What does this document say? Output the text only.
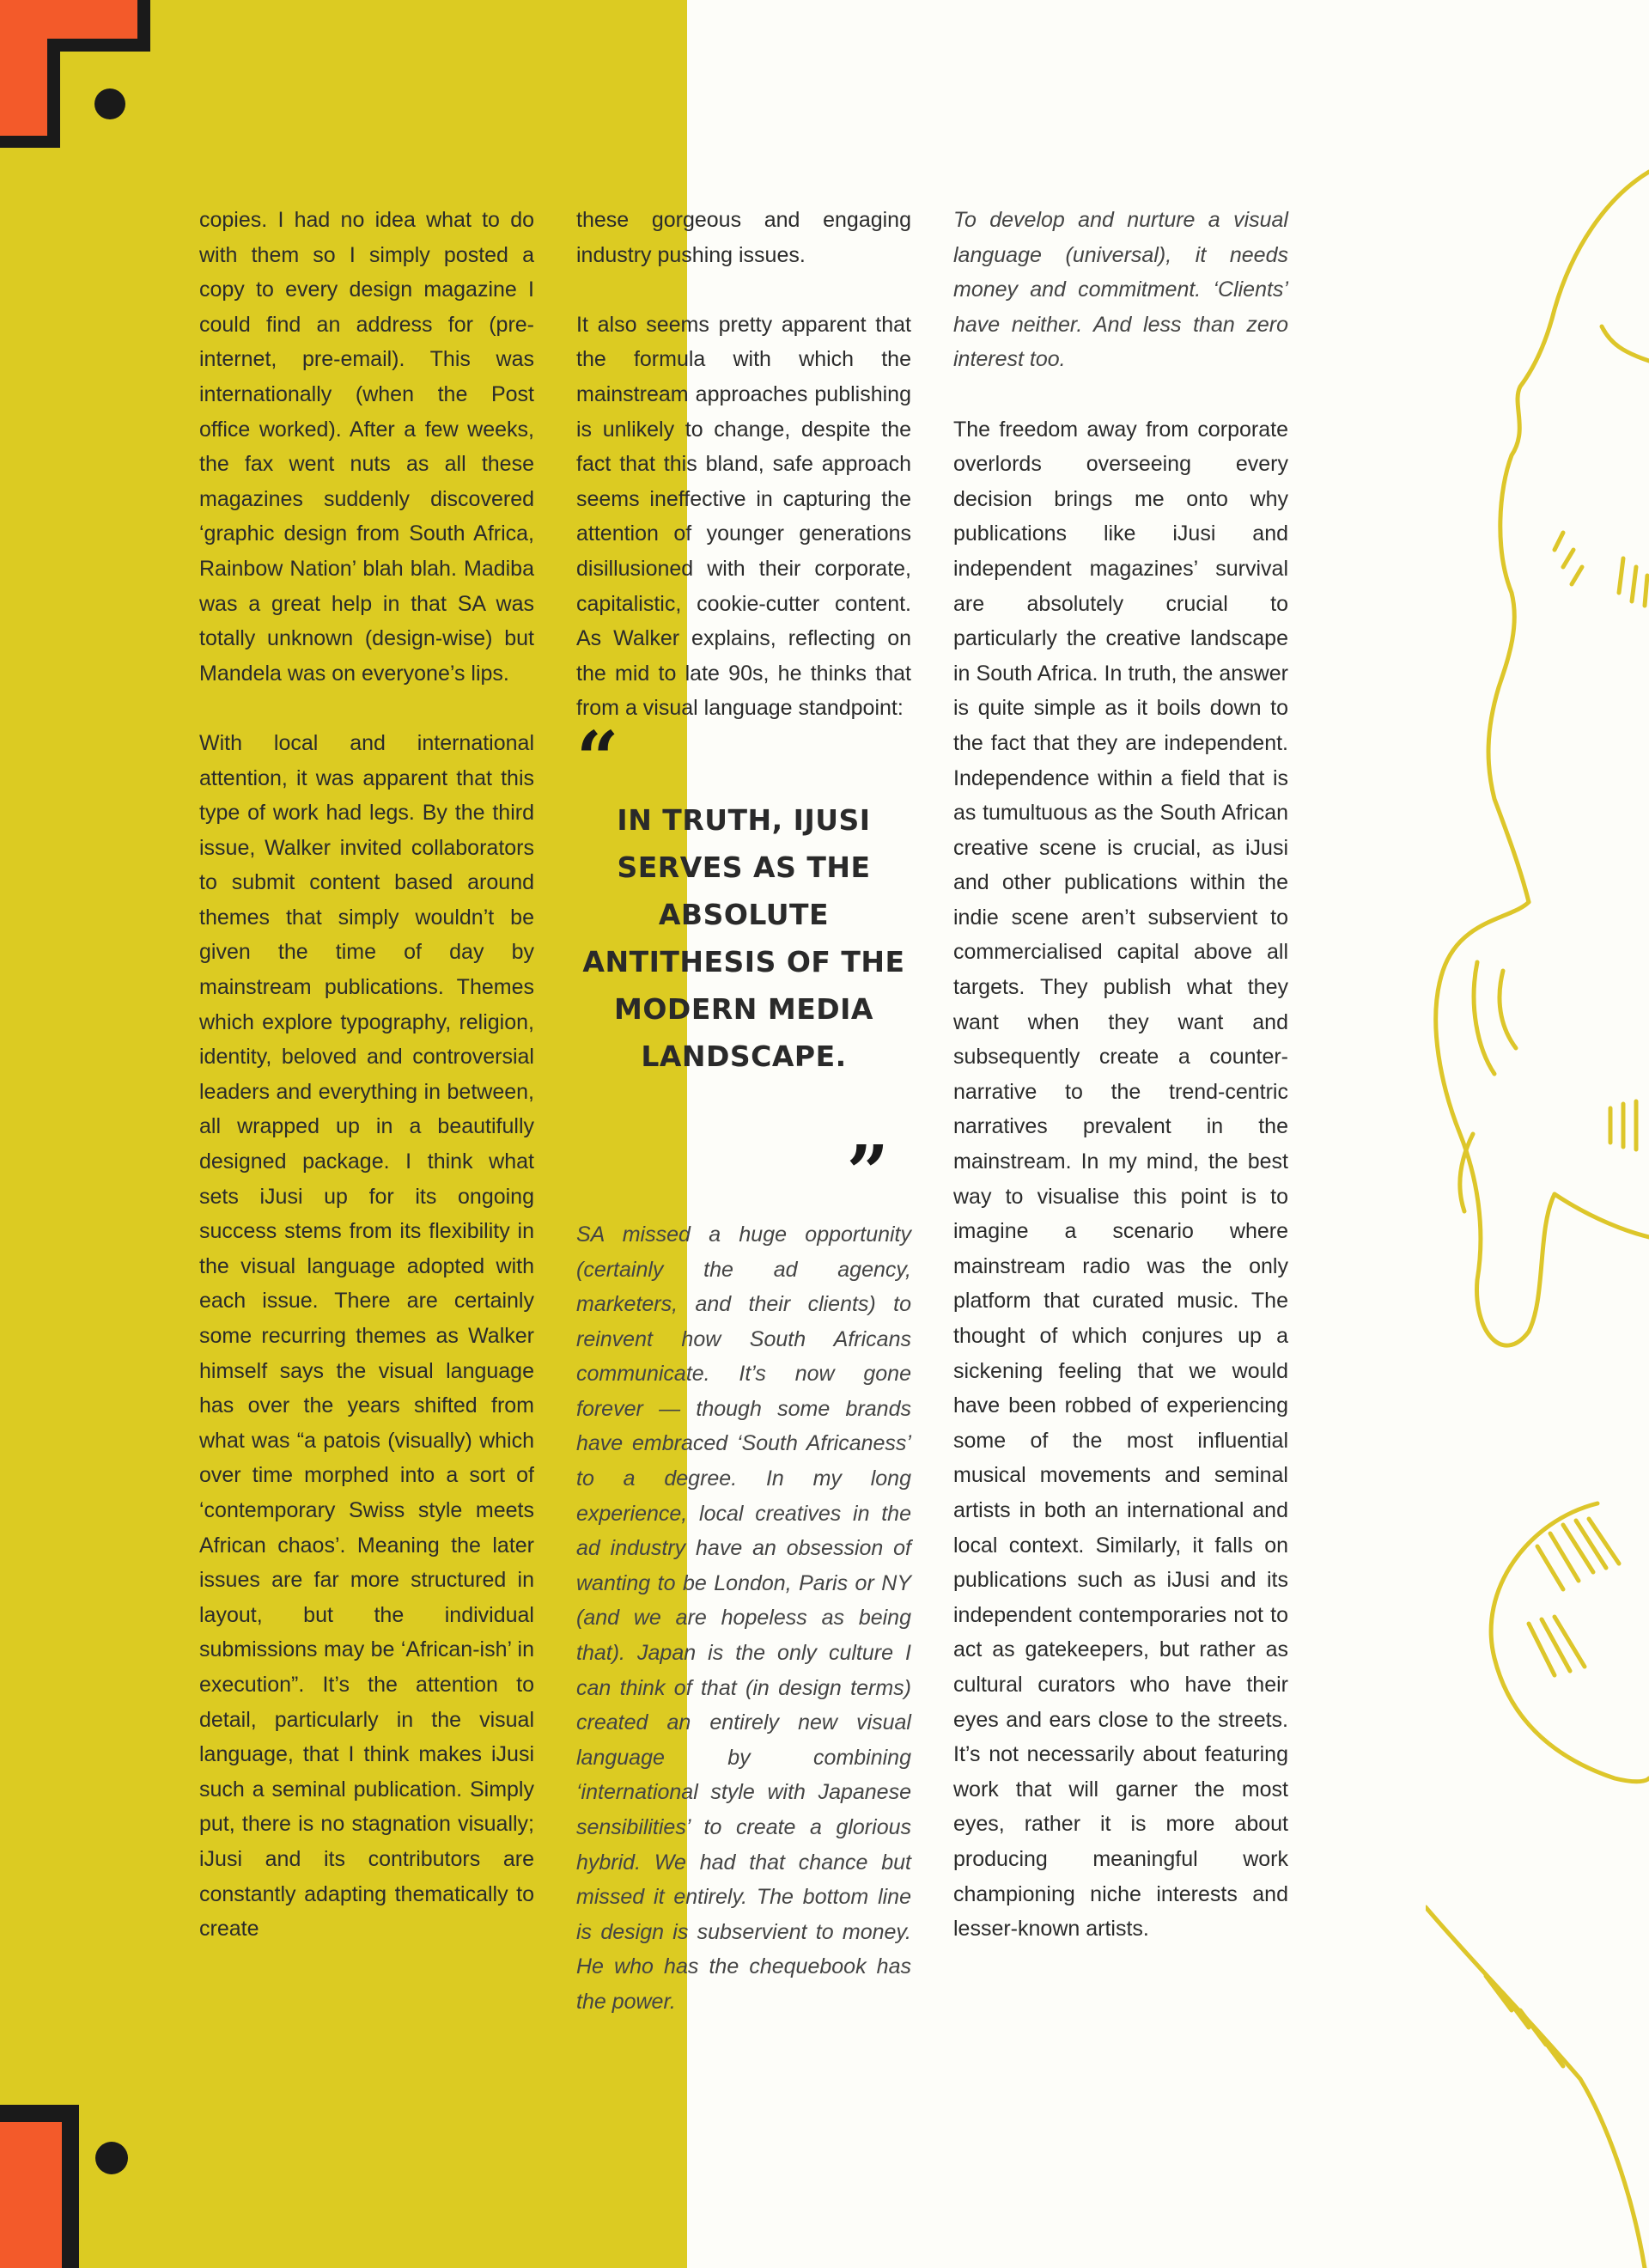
copies. I had no idea what to do with them so I simply posted a copy to every design magazine I could find an address for (pre-internet, pre-email). This was internationally (when the Post office worked). After a few weeks, the fax went nuts as all these magazines suddenly discovered ‘graphic design from South Africa, Rainbow Nation’ blah blah. Madiba was a great help in that SA was totally unknown (design-wise) but Mandela was on everyone’s lips.

With local and international attention, it was apparent that this type of work had legs. By the third issue, Walker invited collaborators to submit content based around themes that simply wouldn’t be given the time of day by mainstream publications. Themes which explore typography, religion, identity, beloved and controversial leaders and everything in between, all wrapped up in a beautifully designed package. I think what sets iJusi up for its ongoing success stems from its flexibility in the visual language adopted with each issue. There are certainly some recurring themes as Walker himself says the visual language has over the years shifted from what was “a patois (visually) which over time morphed into a sort of ‘contemporary Swiss style meets African chaos’. Meaning the later issues are far more structured in layout, but the individual submissions may be ‘African-ish’ in execution”. It’s the attention to detail, particularly in the visual language, that I think makes iJusi such a seminal publication. Simply put, there is no stagnation visually; iJusi and its contributors are constantly adapting thematically to create

these gorgeous and engaging industry pushing issues.

It also seems pretty apparent that the formula with which the mainstream approaches publishing is unlikely to change, despite the fact that this bland, safe approach seems ineffective in capturing the attention of younger generations disillusioned with their corporate, capitalistic, cookie-cutter content. As Walker explains, reflecting on the mid to late 90s, he thinks that from a visual language standpoint:

“
IN TRUTH, IJUSI SERVES AS THE ABSOLUTE ANTITHESIS OF THE MODERN MEDIA LANDSCAPE.
”

SA missed a huge opportunity (certainly the ad agency, marketers, and their clients) to reinvent how South Africans communicate. It’s now gone forever — though some brands have embraced ‘South Africaness’ to a degree. In my long experience, local creatives in the ad industry have an obsession of wanting to be London, Paris or NY (and we are hopeless as being that). Japan is the only culture I can think of that (in design terms) created an entirely new visual language by combining ‘international style with Japanese sensibilities’ to create a glorious hybrid. We had that chance but missed it entirely. The bottom line is design is subservient to money. He who has the chequebook has the power.

To develop and nurture a visual language (universal), it needs money and commitment. ‘Clients’ have neither. And less than zero interest too.

The freedom away from corporate overlords overseeing every decision brings me onto why publications like iJusi and independent magazines’ survival are absolutely crucial to particularly the creative landscape in South Africa. In truth, the answer is quite simple as it boils down to the fact that they are independent. Independence within a field that is as tumultuous as the South African creative scene is crucial, as iJusi and other publications within the indie scene aren’t subservient to commercialised capital above all targets. They publish what they want when they want and subsequently create a counter-narrative to the trend-centric narratives prevalent in the mainstream. In my mind, the best way to visualise this point is to imagine a scenario where mainstream radio was the only platform that curated music. The thought of which conjures up a sickening feeling that we would have been robbed of experiencing some of the most influential musical movements and seminal artists in both an international and local context. Similarly, it falls on publications such as iJusi and its independent contemporaries not to act as gatekeepers, but rather as cultural curators who have their eyes and ears close to the streets. It’s not necessarily about featuring work that will garner the most eyes, rather it is more about producing meaningful work championing niche interests and lesser-known artists.
